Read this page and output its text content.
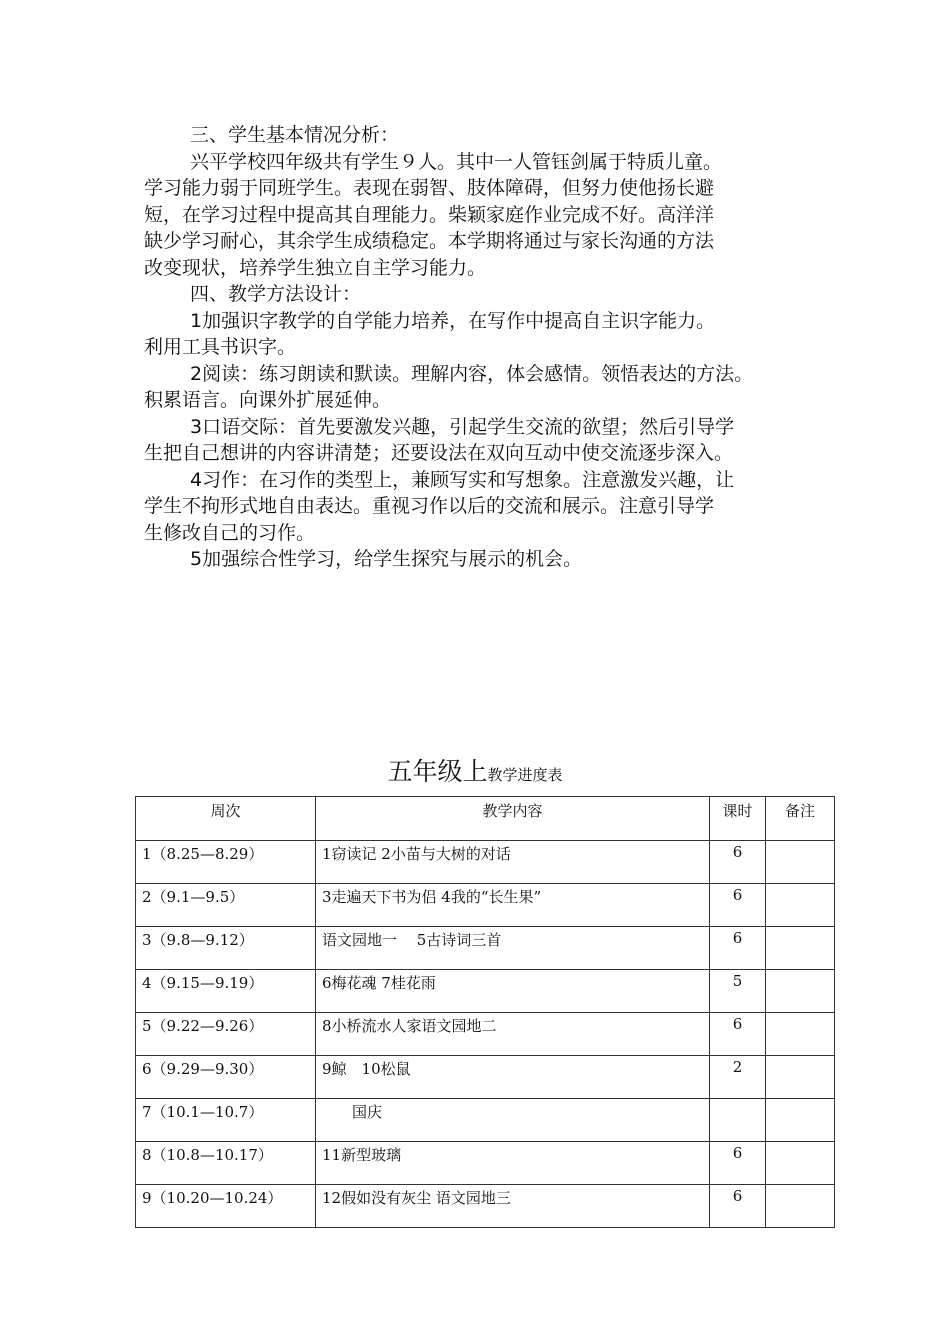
三、学生基本情况分析：
兴平学校四年级共有学生９人。其中一人管钰剑属于特质儿童。
学习能力弱于同班学生。表现在弱智、肢体障碍，但努力使他扬长避
短，在学习过程中提高其自理能力。柴颖家庭作业完成不好。高洋洋
缺少学习耐心，其余学生成绩稳定。本学期将通过与家长沟通的方法
改变现状，培养学生独立自主学习能力。
四、教学方法设计：
1加强识字教学的自学能力培养，在写作中提高自主识字能力。
利用工具书识字。
2阅读：练习朗读和默读。理解内容，体会感情。领悟表达的方法。
积累语言。向课外扩展延伸。
3口语交际：首先要激发兴趣，引起学生交流的欲望；然后引导学
生把自己想讲的内容讲清楚；还要设法在双向互动中使交流逐步深入。
4习作：在习作的类型上，兼顾写实和写想象。注意激发兴趣，让
学生不拘形式地自由表达。重视习作以后的交流和展示。注意引导学
生修改自己的习作。
5加强综合性学习，给学生探究与展示的机会。
五年级上教学进度表
周次	教学内容	课时	备注
1（8.25—8.29）	1窃读记 2小苗与大树的对话	6	
2（9.1—9.5）	3走遍天下书为侣 4我的“长生果”	6	
3（9.8—9.12）	语文园地一　 5古诗词三首	6	
4（9.15—9.19）	6梅花魂 7桂花雨	5	
5（9.22—9.26）	8小桥流水人家语文园地二	6	
6（9.29—9.30）	9鲸　10松鼠	2	
7（10.1—10.7）	　　国庆		
8（10.8—10.17）	11新型玻璃	6	
9（10.20—10.24）	12假如没有灰尘 语文园地三	6	
